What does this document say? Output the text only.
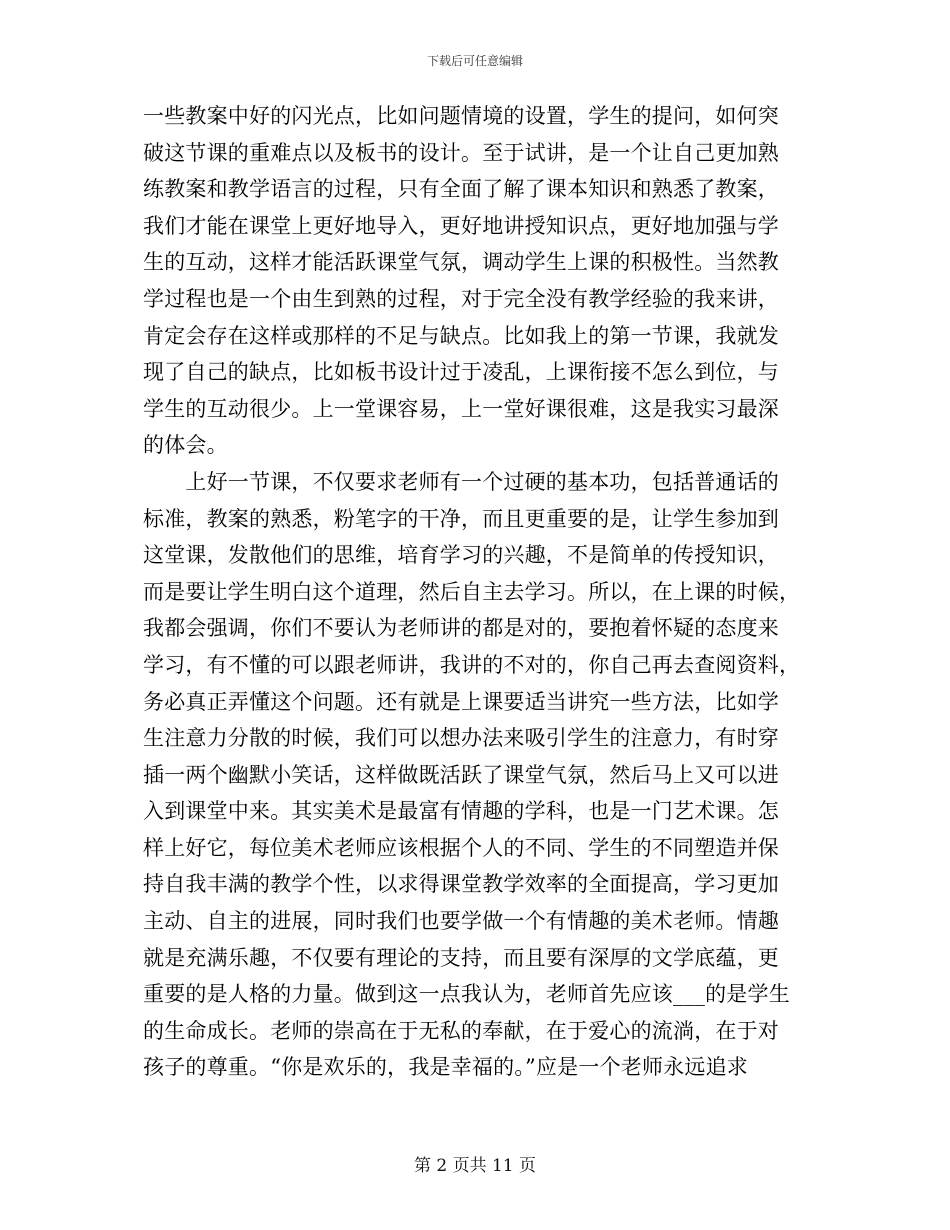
下载后可任意编辑
一些教案中好的闪光点，比如问题情境的设置，学生的提问，如何突
破这节课的重难点以及板书的设计。至于试讲，是一个让自己更加熟
练教案和教学语言的过程，只有全面了解了课本知识和熟悉了教案，
我们才能在课堂上更好地导入，更好地讲授知识点，更好地加强与学
生的互动，这样才能活跃课堂气氛，调动学生上课的积极性。当然教
学过程也是一个由生到熟的过程，对于完全没有教学经验的我来讲，
肯定会存在这样或那样的不足与缺点。比如我上的第一节课，我就发
现了自己的缺点，比如板书设计过于凌乱，上课衔接不怎么到位，与
学生的互动很少。上一堂课容易，上一堂好课很难，这是我实习最深
的体会。
　　上好一节课，不仅要求老师有一个过硬的基本功，包括普通话的
标准，教案的熟悉，粉笔字的干净，而且更重要的是，让学生参加到
这堂课，发散他们的思维，培育学习的兴趣，不是简单的传授知识，
而是要让学生明白这个道理，然后自主去学习。所以，在上课的时候，
我都会强调，你们不要认为老师讲的都是对的，要抱着怀疑的态度来
学习，有不懂的可以跟老师讲，我讲的不对的，你自己再去查阅资料，
务必真正弄懂这个问题。还有就是上课要适当讲究一些方法，比如学
生注意力分散的时候，我们可以想办法来吸引学生的注意力，有时穿
插一两个幽默小笑话，这样做既活跃了课堂气氛，然后马上又可以进
入到课堂中来。其实美术是最富有情趣的学科，也是一门艺术课。怎
样上好它，每位美术老师应该根据个人的不同、学生的不同塑造并保
持自我丰满的教学个性，以求得课堂教学效率的全面提高，学习更加
主动、自主的进展，同时我们也要学做一个有情趣的美术老师。情趣
就是充满乐趣，不仅要有理论的支持，而且要有深厚的文学底蕴，更
重要的是人格的力量。做到这一点我认为，老师首先应该___的是学生
的生命成长。老师的崇高在于无私的奉献，在于爱心的流淌，在于对
孩子的尊重。“你是欢乐的，我是幸福的。”应是一个老师永远追求
第 2 页共 11 页
